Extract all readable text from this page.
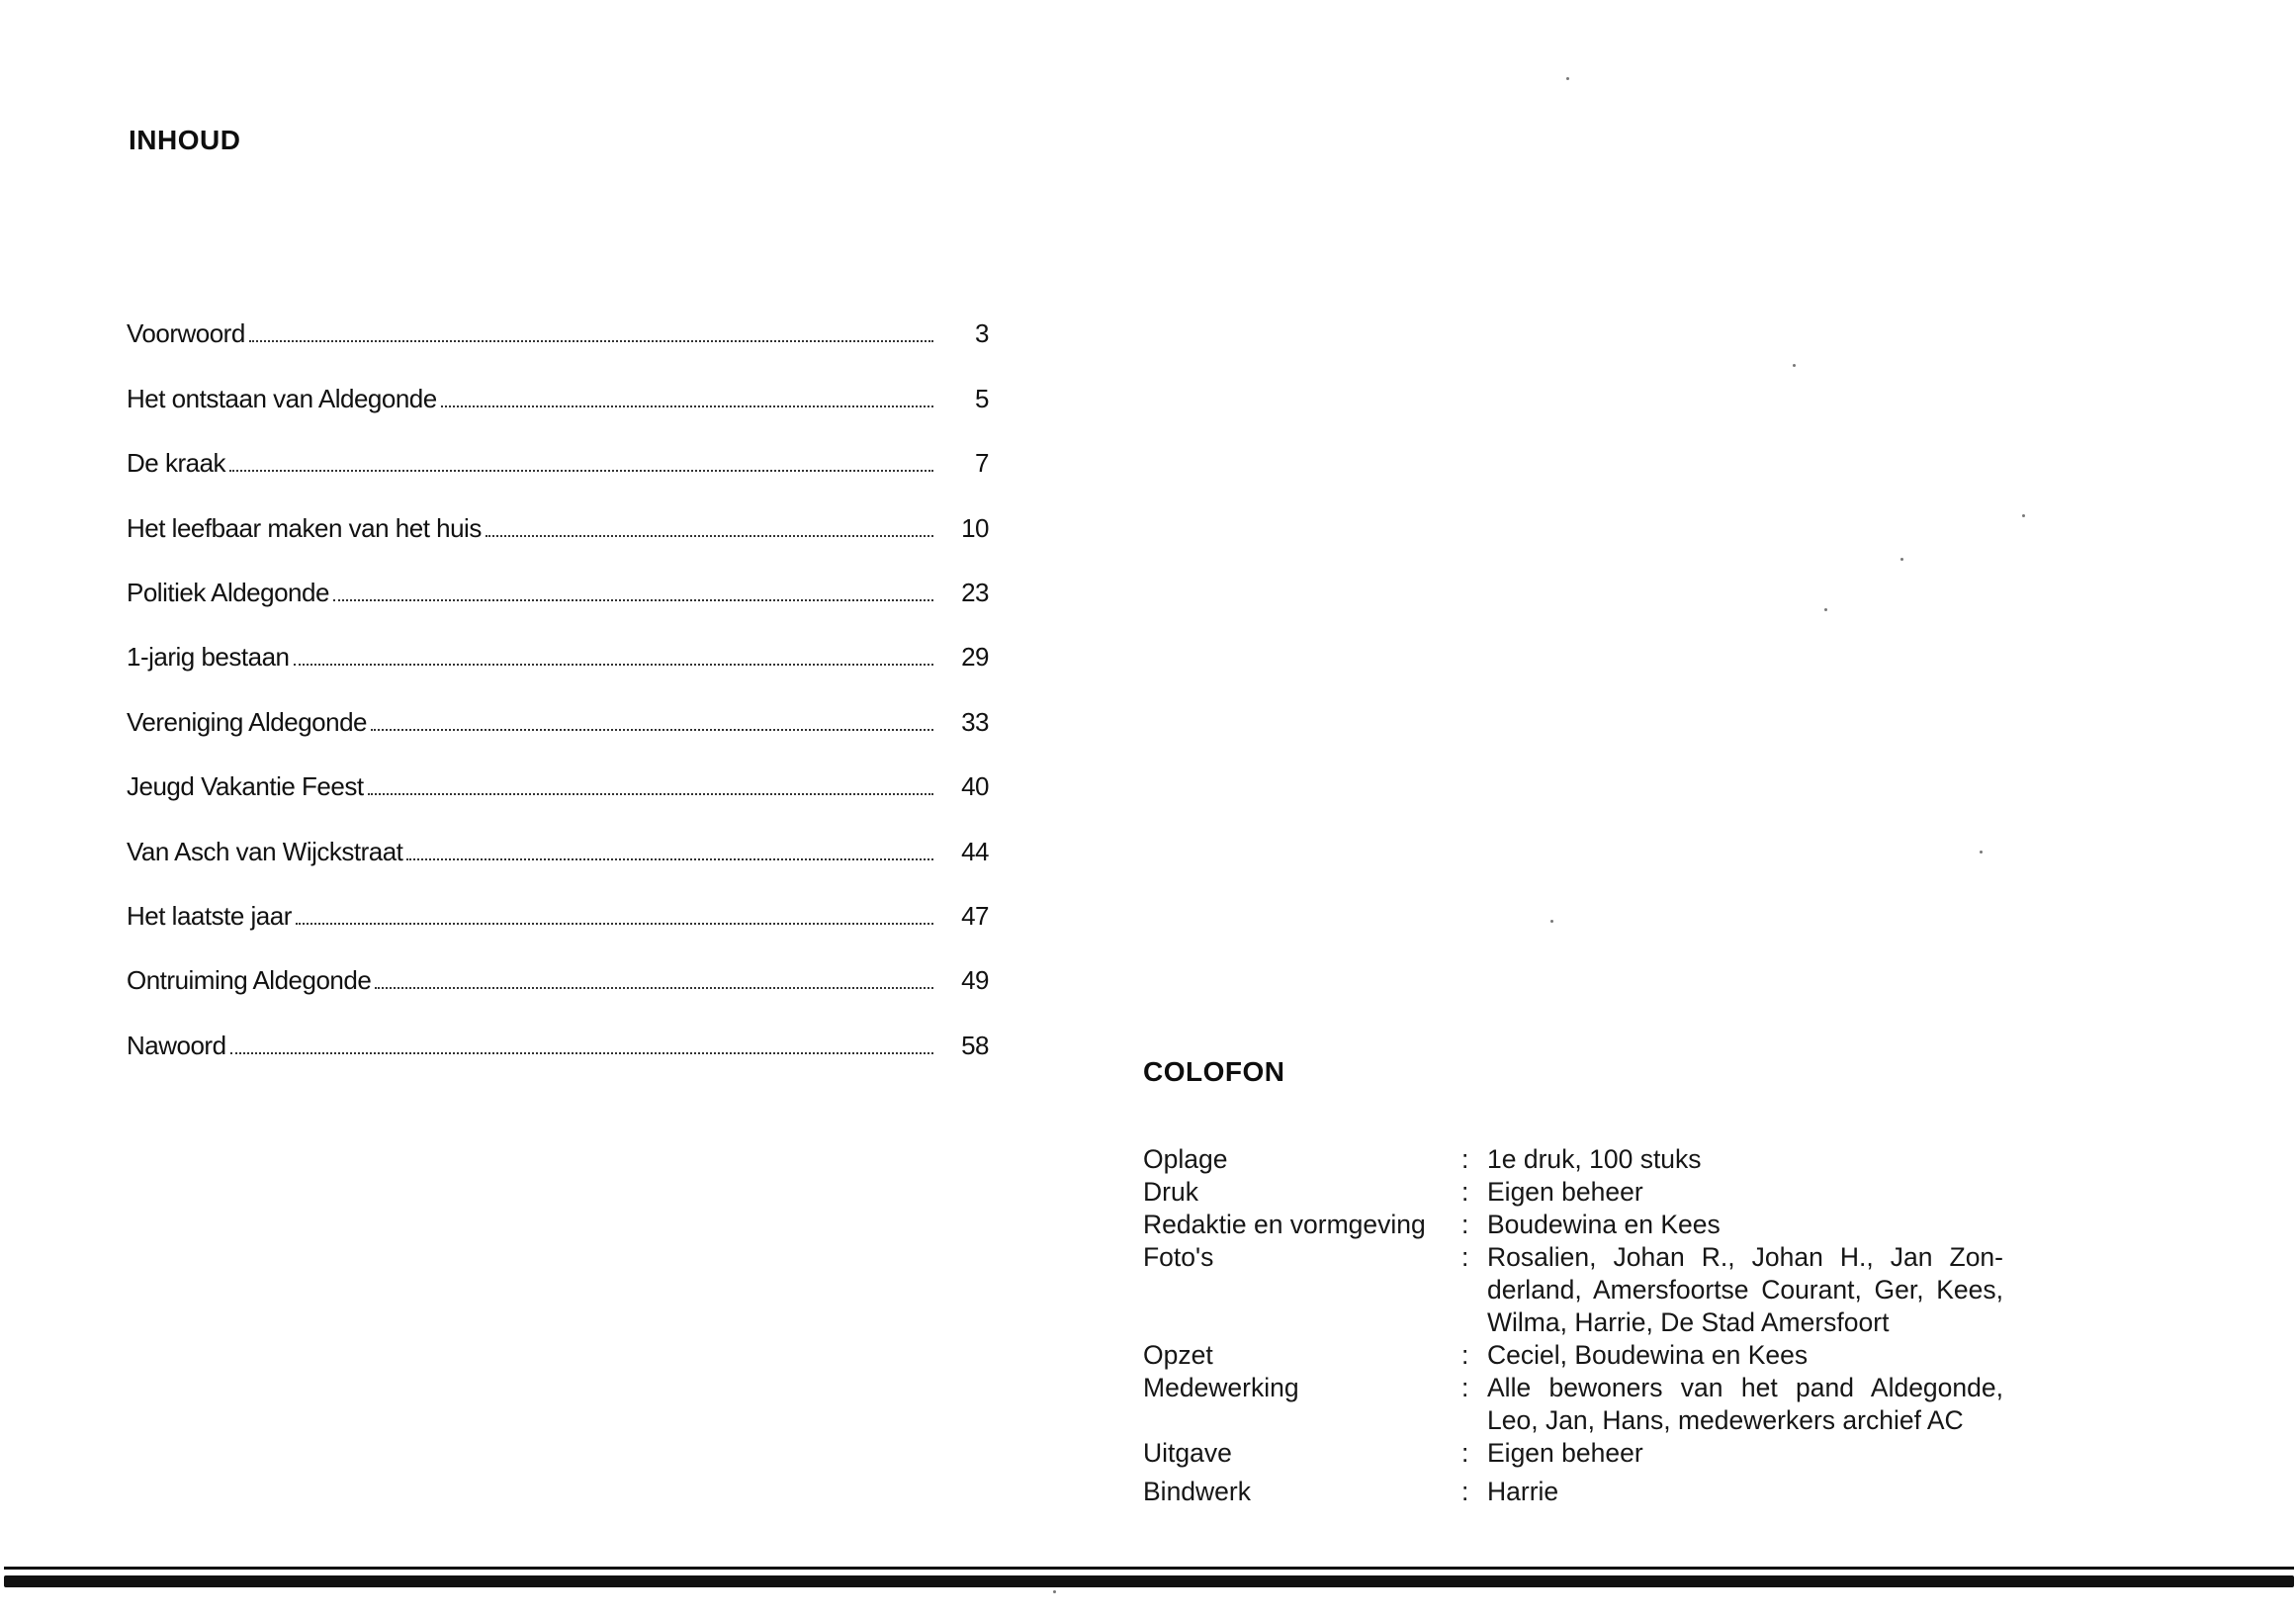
INHOUD
Voorwoord	3
Het ontstaan van Aldegonde	5
De kraak	7
Het leefbaar maken van het huis	10
Politiek Aldegonde	23
1-jarig bestaan	29
Vereniging Aldegonde	33
Jeugd Vakantie Feest	40
Van Asch van Wijckstraat	44
Het laatste jaar	47
Ontruiming Aldegonde	49
Nawoord	58
COLOFON
Oplage	: 1e druk, 100 stuks
Druk	: Eigen beheer
Redaktie en vormgeving	: Boudewina en Kees
Foto's	: Rosalien, Johan R., Johan H., Jan Zon-derland, Amersfoortse Courant, Ger, Kees, Wilma, Harrie, De Stad Amersfoort
Opzet	: Ceciel, Boudewina en Kees
Medewerking	: Alle bewoners van het pand Aldegonde, Leo, Jan, Hans, medewerkers archief AC
Uitgave	: Eigen beheer
Bindwerk	: Harrie
